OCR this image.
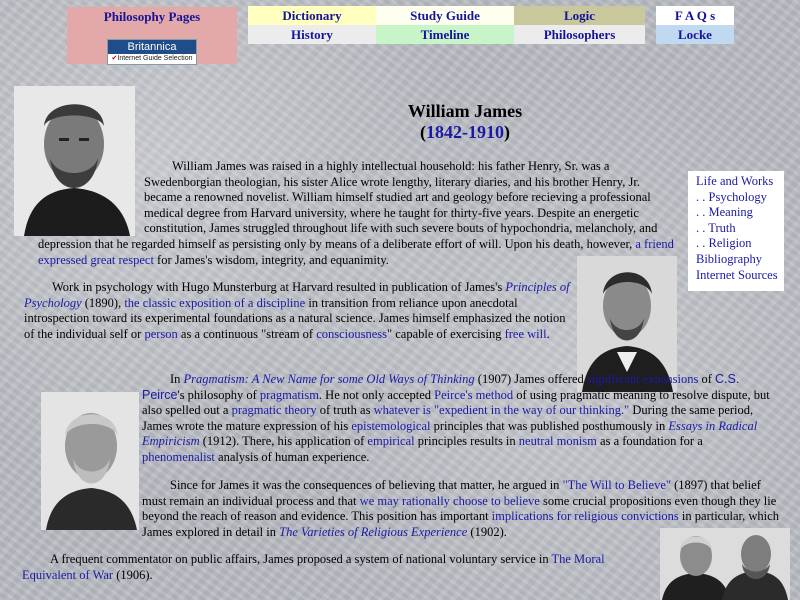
Philosophy Pages
Britannica
✔Internet Guide Selection
Dictionary	Study Guide	Logic	F A Q s
History	Timeline	Philosophers	Locke
William James
(1842-1910)
Life and Works
. . Psychology
. . Meaning
. . Truth
. . Religion
Bibliography
Internet Sources

William James was raised in a highly intellectual household: his father Henry, Sr. was a Swedenborgian theologian, his sister Alice wrote lengthy, literary diaries, and his brother Henry, Jr. became a renowned novelist. William himself studied art and geology before recieving a professional medical degree from Harvard university, where he taught for thirty-five years. Despite an energetic constitution, James struggled throughout life with such severe bouts of hypochondria, melancholy, and depression that he regarded himself as persisting only by means of a deliberate effort of will. Upon his death, however, a friend expressed great respect for James's wisdom, integrity, and equanimity.

Work in psychology with Hugo Munsterburg at Harvard resulted in publication of James's Principles of Psychology (1890), the classic exposition of a discipline in transition from reliance upon anecdotal introspection toward its experimental foundations as a natural science. James himself emphasized the notion of the individual self or person as a continuous "stream of consciousness" capable of exercising free will.

In Pragmatism: A New Name for some Old Ways of Thinking (1907) James offered significant expansions of C.S. Peirce's philosophy of pragmatism. He not only accepted Peirce's method of using pragmatic meaning to resolve dispute, but also spelled out a pragmatic theory of truth as whatever is "expedient in the way of our thinking." During the same period, James wrote the mature expression of his epistemological principles that was published posthumously in Essays in Radical Empiricism (1912). There, his application of empirical principles results in neutral monism as a foundation for a phenomenalist analysis of human experience.

Since for James it was the consequences of believing that matter, he argued in "The Will to Believe" (1897) that belief must remain an individual process and that we may rationally choose to believe some crucial propositions even though they lie beyond the reach of reason and evidence. This position has important implications for religious convictions in particular, which James explored in detail in The Varieties of Religious Experience (1902).

A frequent commentator on public affairs, James proposed a system of national voluntary service in The Moral Equivalent of War (1906).
